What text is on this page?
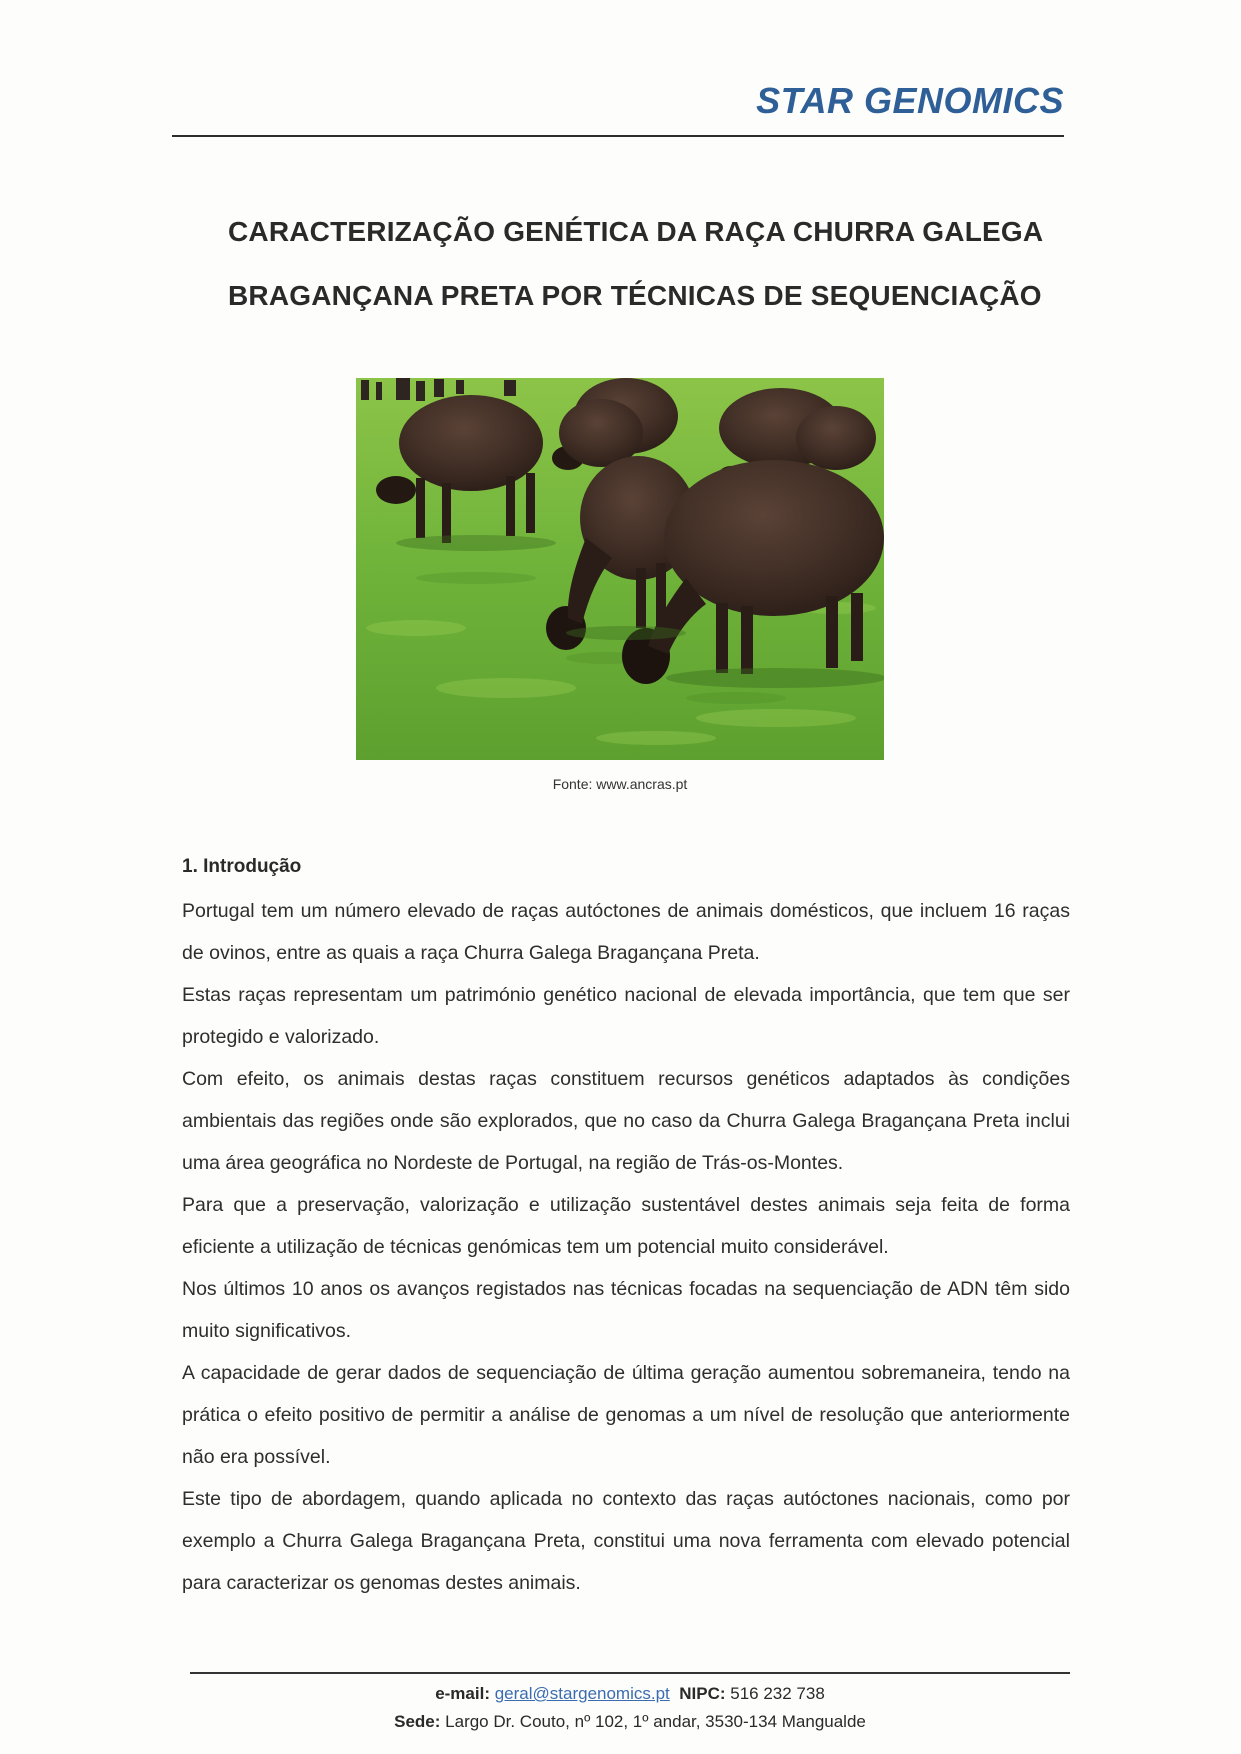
STAR GENOMICS
CARACTERIZAÇÃO GENÉTICA DA RAÇA CHURRA GALEGA
BRAGANÇANA PRETA POR TÉCNICAS DE SEQUENCIAÇÃO
Fonte: www.ancras.pt
1. Introdução

Portugal tem um número elevado de raças autóctones de animais domésticos, que incluem 16 raças de ovinos, entre as quais a raça Churra Galega Bragançana Preta.

Estas raças representam um património genético nacional de elevada importância, que tem que ser protegido e valorizado.

Com efeito, os animais destas raças constituem recursos genéticos adaptados às condições ambientais das regiões onde são explorados, que no caso da Churra Galega Bragançana Preta inclui uma área geográfica no Nordeste de Portugal, na região de Trás-os-Montes.

Para que a preservação, valorização e utilização sustentável destes animais seja feita de forma eficiente a utilização de técnicas genómicas tem um potencial muito considerável.

Nos últimos 10 anos os avanços registados nas técnicas focadas na sequenciação de ADN têm sido muito significativos.

A capacidade de gerar dados de sequenciação de última geração aumentou sobremaneira, tendo na prática o efeito positivo de permitir a análise de genomas a um nível de resolução que anteriormente não era possível.

Este tipo de abordagem, quando aplicada no contexto das raças autóctones nacionais, como por exemplo a Churra Galega Bragançana Preta, constitui uma nova ferramenta com elevado potencial para caracterizar os genomas destes animais.

e-mail: geral@stargenomics.pt NIPC: 516 232 738
Sede: Largo Dr. Couto, nº 102, 1º andar, 3530-134 Mangualde
